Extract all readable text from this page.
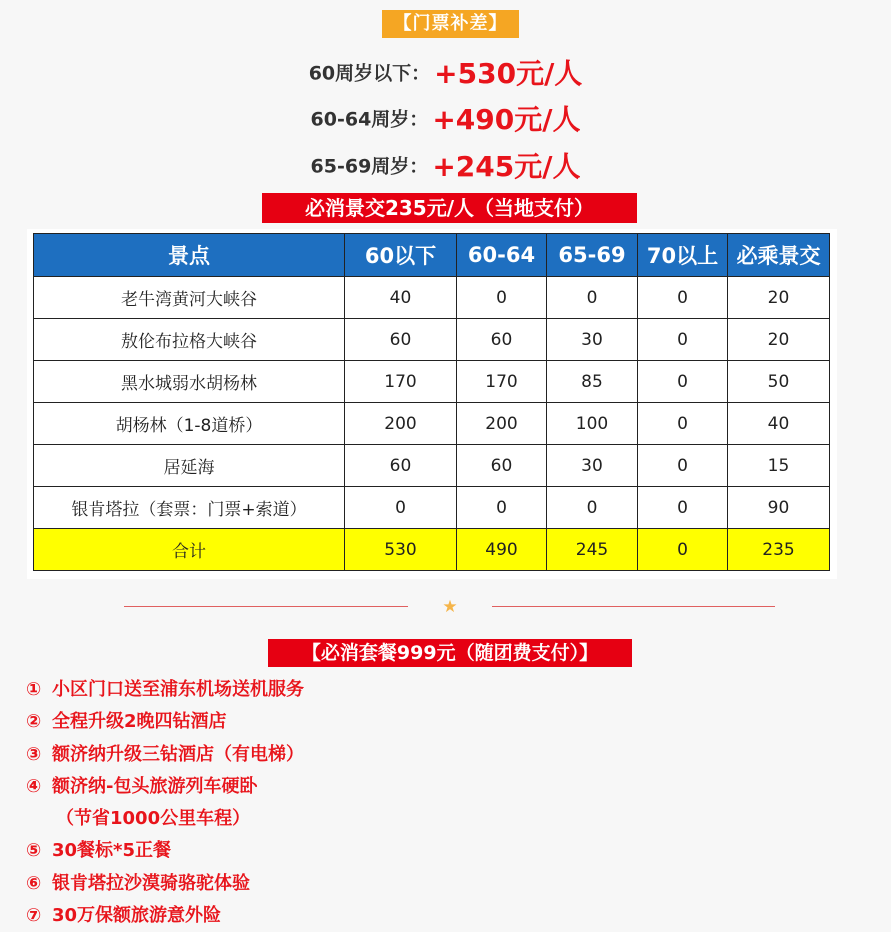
【门票补差】
60周岁以下： +530元/人
60-64周岁： +490元/人
65-69周岁： +245元/人
必消景交235元/人（当地支付）
景点	60以下	60-64	65-69	70以上	必乘景交
老牛湾黄河大峡谷	40	0	0	0	20
敖伦布拉格大峡谷	60	60	30	0	20
黑水城弱水胡杨林	170	170	85	0	50
胡杨林（1-8道桥）	200	200	100	0	40
居延海	60	60	30	0	15
银肯塔拉（套票：门票+索道）	0	0	0	0	90
合计	530	490	245	0	235
★
【必消套餐999元（随团费支付）】
① 小区门口送至浦东机场送机服务
② 全程升级2晚四钻酒店
③ 额济纳升级三钻酒店（有电梯）
④ 额济纳-包头旅游列车硬卧
（节省1000公里车程）
⑤ 30餐标*5正餐
⑥ 银肯塔拉沙漠骑骆驼体验
⑦ 30万保额旅游意外险
